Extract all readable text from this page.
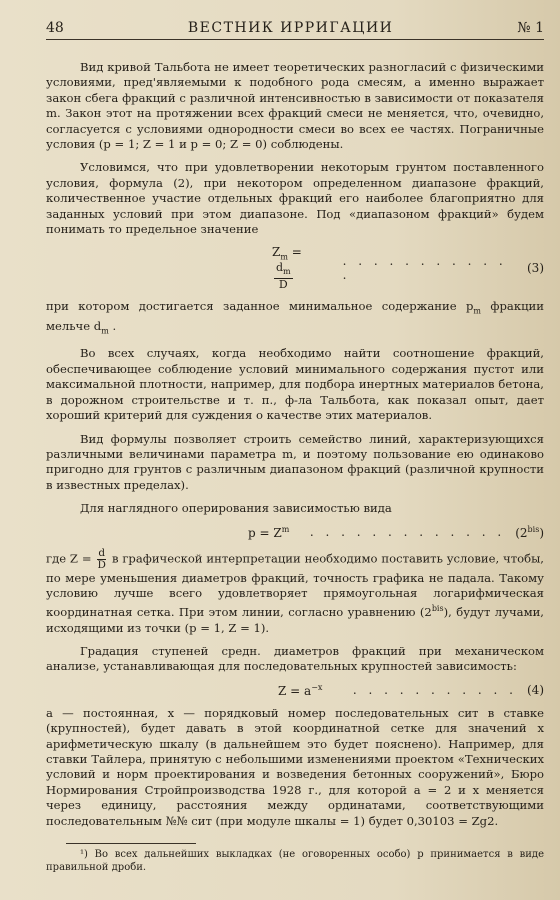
48	ВЕСТНИК ИРРИГАЦИИ	№ 1

Вид кривой Тальбота не имеет теоретических разногласий с физическими условиями, пред'являемыми к подобного рода смесям, а именно выражает закон сбега фракций с различной интенсивностью в зависимости от показателя m. Закон этот на протяжении всех фракций смеси не меняется, что, очевидно, согласуется с условиями однородности смеси во всех ее частях. Пограничные условия (p = 1; Z = 1 и p = 0; Z = 0) соблюдены.

Условимся, что при удовлетворении некоторым грунтом поставленного условия, формула (2), при некотором определенном диапазоне фракций, количественное участие отдельных фракций его наиболее благоприятно для заданных условий при этом диапазоне. Под «диапазоном фракций» будем понимать то предельное значение

$Z_m$ =
$\frac{d_m}{D}$
. . . . . . . . . . . .	(3)

при котором достигается заданное минимальное содержание $p_m$ фракции мельче $d_m$ .

Во всех случаях, когда необходимо найти соотношение фракций, обеспечивающее соблюдение условий минимального содержания пустот или максимальной плотности, например, для подбора инертных материалов бетона, в дорожном строительстве и т. п., ф-ла Тальбота, как показал опыт, дает хороший критерий для суждения о качестве этих материалов.

Вид формулы позволяет строить семейство линий, характеризующихся различными величинами параметра m, и поэтому пользование ею одинаково пригодно для грунтов с различным диапазоном фракций (различной крупности в известных пределах).

Для наглядного оперирования зависимостью вида

$p = Z^m$ . . . . . . . . . . . . . $(2^{bis})$

где $Z = \frac{d}{D}$ в графической интерпретации необходимо поставить условие, чтобы, по мере уменьшения диаметров фракций, точность графика не падала. Такому условию лучше всего удовлетворяет прямоугольная логарифмическая координатная сетка. При этом линии, согласно уравнению $(2^{bis})$, будут лучами, исходящими из точки (p = 1, Z = 1).

Градация ступеней средн. диаметров фракций при механическом анализе, устанавливающая для последовательных крупностей зависимость:

$Z = a^{-x}$	. . . . . . . . . . . (4)

a — постоянная, x — порядковый номер последовательных сит в ставке (крупностей), будет давать в этой координатной сетке для значений x арифметическую шкалу (в дальнейшем это будет пояснено). Например, для ставки Тайлера, принятую с небольшими изменениями проектом «Технических условий и норм проектирования и возведения бетонных сооружений», Бюро Нормирования Стройпроизводства 1928 г., для которой a = 2 и x меняется через единицу, расстояния между ординатами, соответствующими последовательным №№ сит (при модуле шкалы = 1) будет 0,30103 = Zg2.

¹) Во всех дальнейших выкладках (не оговоренных особо) p принимается в виде правильной дроби.
